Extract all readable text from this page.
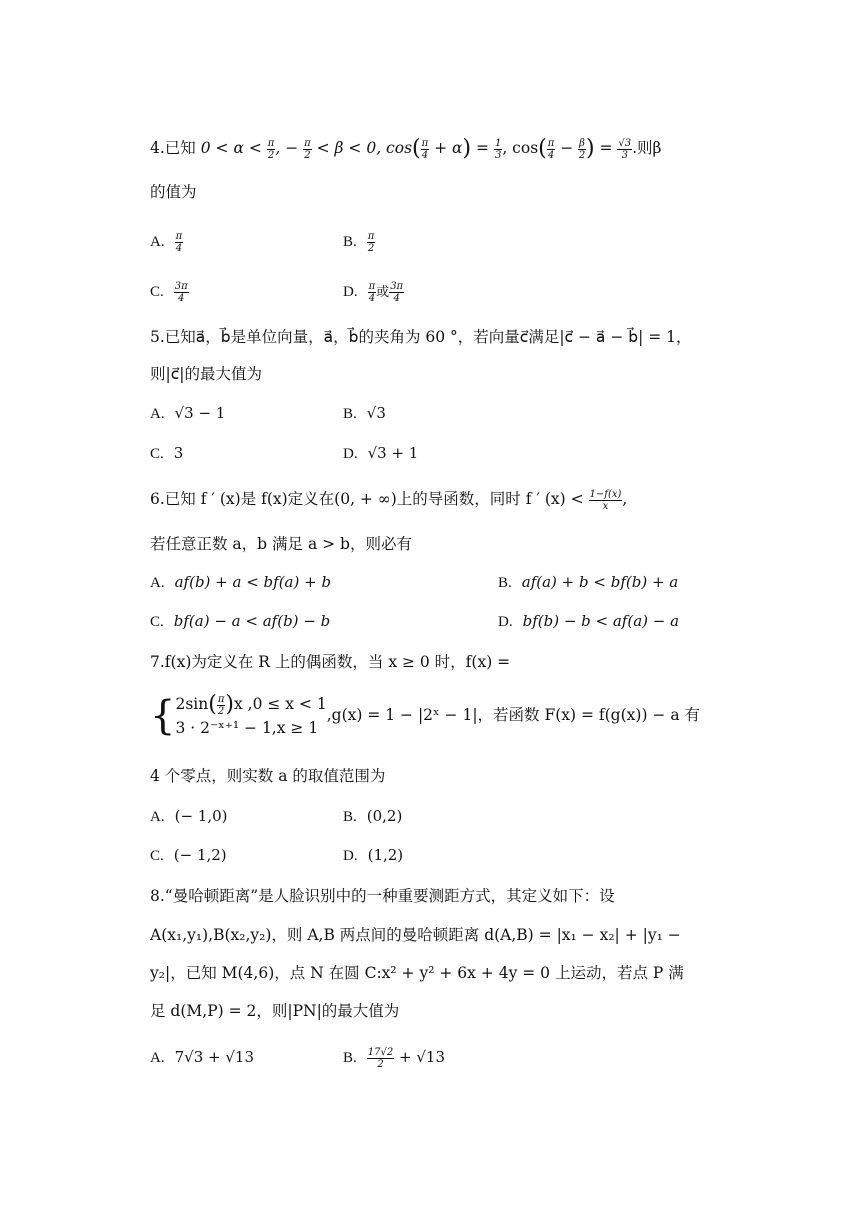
4.已知 $0 < \alpha < \frac{\pi}{2}$ , − $\frac{\pi}{2} < \beta < 0$, $\cos( \frac{\pi}{4} + \alpha) = \frac{1}{3}$ , $\cos( \frac{\pi}{4} - \frac{\beta}{2}$ ) = $\frac{√3}{3}$ .则β
的值为
A. $\frac{\pi}{4}$	B. $\frac{\pi}{2}$
C. $\frac{3\pi}{4}$	D. $\frac{\pi}{4}$ 或 $\frac{3\pi}{4}$
5.已知a⃗，b⃗是单位向量，a⃗，b⃗的夹角为 60 °，若向量c⃗满足|c⃗ − a⃗ − b⃗| = 1，
则|c⃗|的最大值为
A. √3 − 1	B. √3
C. 3	D. √3 + 1
6.已知 f ′ (x)是 f(x)定义在(0, + ∞)上的导函数，同时 f ′ $(x) < \frac{1-f(x)}{x}$ ,
若任意正数 a，b 满足 a > b，则必有
A. af(b) + a < bf(a) + b	B. af(a) + b < bf(b) + a
C. bf(a) − a < af(b) − b	D. bf(b) − b < af(a) − a
7.f(x)为定义在 R 上的偶函数，当 x ≥ 0 时，f(x) =
{ $2\sin( \frac{\pi}{2} )x$ ,0 ≤ x < 1
3 · 2⁻ˣ⁺¹ − 1,x ≥ 1
,g(x) = 1 − |2ˣ − 1|，若函数 F(x) = f(g(x)) − a 有
4 个零点，则实数 a 的取值范围为
A. (− 1,0)	B. (0,2)
C. (− 1,2)	D. (1,2)
8.“曼哈顿距离”是人脸识别中的一种重要测距方式，其定义如下：设
A(x₁,y₁),B(x₂,y₂)，则 A,B 两点间的曼哈顿距离 d(A,B) = |x₁ − x₂| + |y₁ −
y₂|，已知 M(4,6)，点 N 在圆 C:x² + y² + 6x + 4y = 0 上运动，若点 P 满
足 d(M,P) = 2，则|PN|的最大值为
A. 7√3 + √13	B. $\frac{17√2}{2} + √13$
